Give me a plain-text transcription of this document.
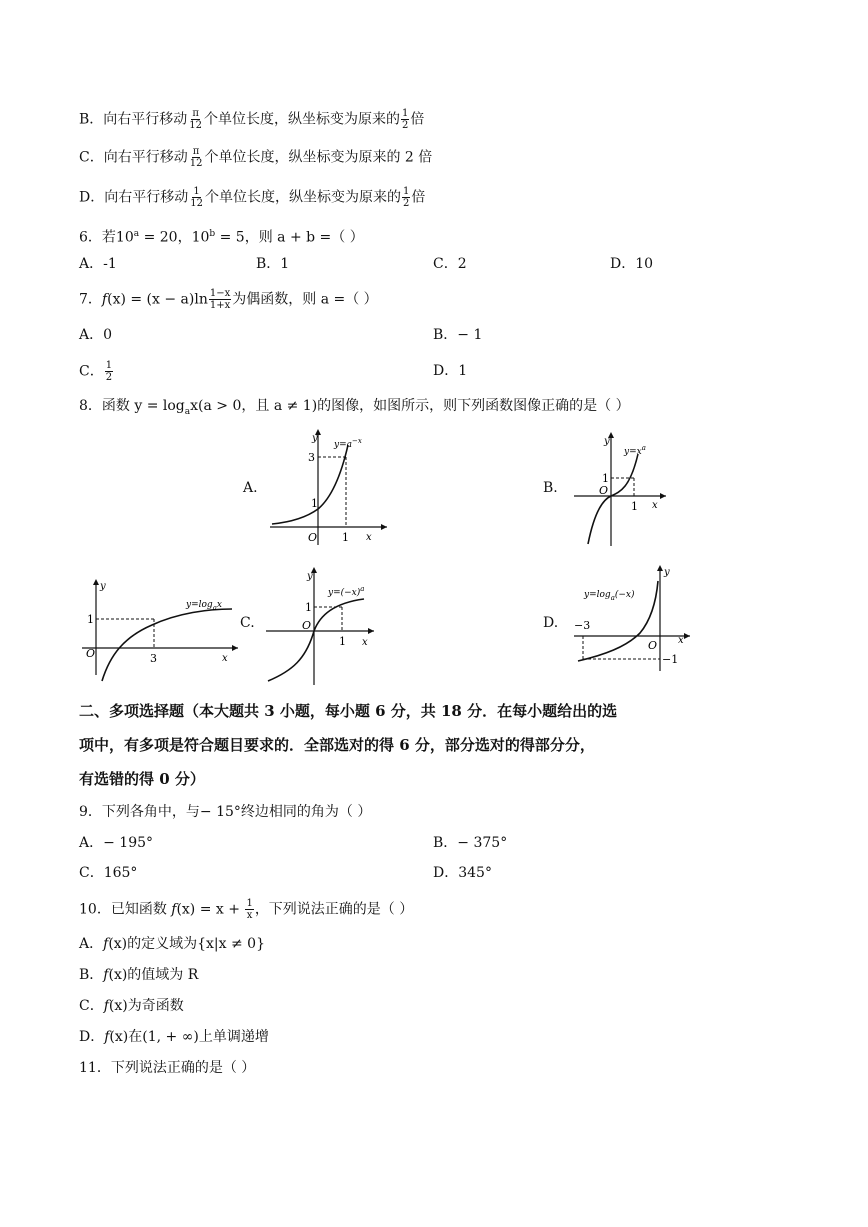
B．向右平行移动 $\frac{\pi}{12}$ 个单位长度，纵坐标变为原来的 $\frac{1}{2}$ 倍
C．向右平行移动 $\frac{\pi}{12}$ 个单位长度，纵坐标变为原来的 2 倍
D．向右平行移动 $\frac{1}{12}$ 个单位长度，纵坐标变为原来的 $\frac{1}{2}$ 倍
6．若$10^a = 20$，$10^b = 5$，则 a + b =（ ）
A．-1	B．1	C．2	D．10
7．$f(x) = (x - a)\ln \frac{1-x}{1+x}$ 为偶函数，则 a =（ ）
A．0	B．− 1
C． $\frac{1}{2}$	D．1
8．函数 $y = \log_ax(a > 0$，且 a ≠ 1)的图像，如图所示，则下列函数图像正确的是（ ）
A.	B.
C.	D.
y
$y=a^{-x}$
3
1
O 1 x
y
$y=x^a$
1
O
1 x
y
$y=\log_ax$
1
O	3	x
y
$y=(-x)^a$
1
O
1 x
y
$y=\log_a(-x)$
−3
O
−1
x
二、多项选择题（本大题共 3 小题，每小题 6 分，共 18 分．在每小题给出的选
项中，有多项是符合题目要求的．全部选对的得 6 分，部分选对的得部分分，
有选错的得 0 分）
9．下列各角中，与− 15°终边相同的角为（ ）
A．− 195°	B．− 375°
C．165°	D．345°
10．已知函数 $f(x) = x + \frac{1}{x}$ ，下列说法正确的是（ ）
A．f(x)的定义域为{x|x ≠ 0}
B．f(x)的值域为 R
C．f(x)为奇函数
D．f(x)在(1, + ∞)上单调递增
11．下列说法正确的是（ ）
